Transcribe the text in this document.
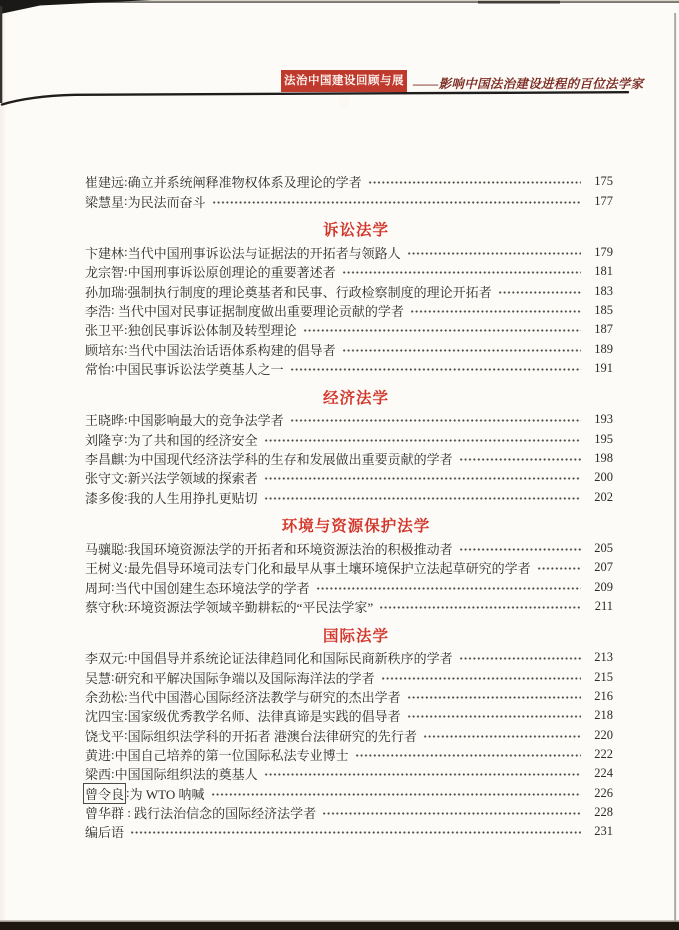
法治中国建设回顾与展望
——影响中国法治建设进程的百位法学家
崔建远 : 确立并系统阐释准物权体系及理论的学者	175
梁慧星 : 为民法而奋斗	177
诉讼法学
卞建林 : 当代中国刑事诉讼法与证据法的开拓者与领路人	179
龙宗智 : 中国刑事诉讼原创理论的重要著述者	181
孙加瑞 : 强制执行制度的理论奠基者和民事、行政检察制度的理论开拓者	183
李浩 : 当代中国对民事证据制度做出重要理论贡献的学者	185
张卫平 : 独创民事诉讼体制及转型理论	187
顾培东 : 当代中国法治话语体系构建的倡导者	189
常怡 : 中国民事诉讼法学奠基人之一	191
经济法学
王晓晔 : 中国影响最大的竞争法学者	193
刘隆亨 : 为了共和国的经济安全	195
李昌麒 : 为中国现代经济法学科的生存和发展做出重要贡献的学者	198
张守文 : 新兴法学领域的探索者	200
漆多俊 : 我的人生用挣扎更贴切	202
环境与资源保护法学
马骧聪 : 我国环境资源法学的开拓者和环境资源法治的积极推动者	205
王树义 : 最先倡导环境司法专门化和最早从事土壤环境保护立法起草研究的学者	207
周珂 : 当代中国创建生态环境法学的学者	209
蔡守秋 : 环境资源法学领域辛勤耕耘的“平民法学家”	211
国际法学
李双元 : 中国倡导并系统论证法律趋同化和国际民商新秩序的学者	213
吴慧 : 研究和平解决国际争端以及国际海洋法的学者	215
余劲松 : 当代中国潜心国际经济法教学与研究的杰出学者	216
沈四宝 : 国家级优秀教学名师、法律真谛是实践的倡导者	218
饶戈平 : 国际组织法学科的开拓者 港澳台法律研究的先行者	220
黄进 : 中国自己培养的第一位国际私法专业博士	222
梁西 : 中国国际组织法的奠基人	224
曾令良 : 为 WTO 呐喊	226
曾华群 : 践行法治信念的国际经济法学者	228
编后语	231
